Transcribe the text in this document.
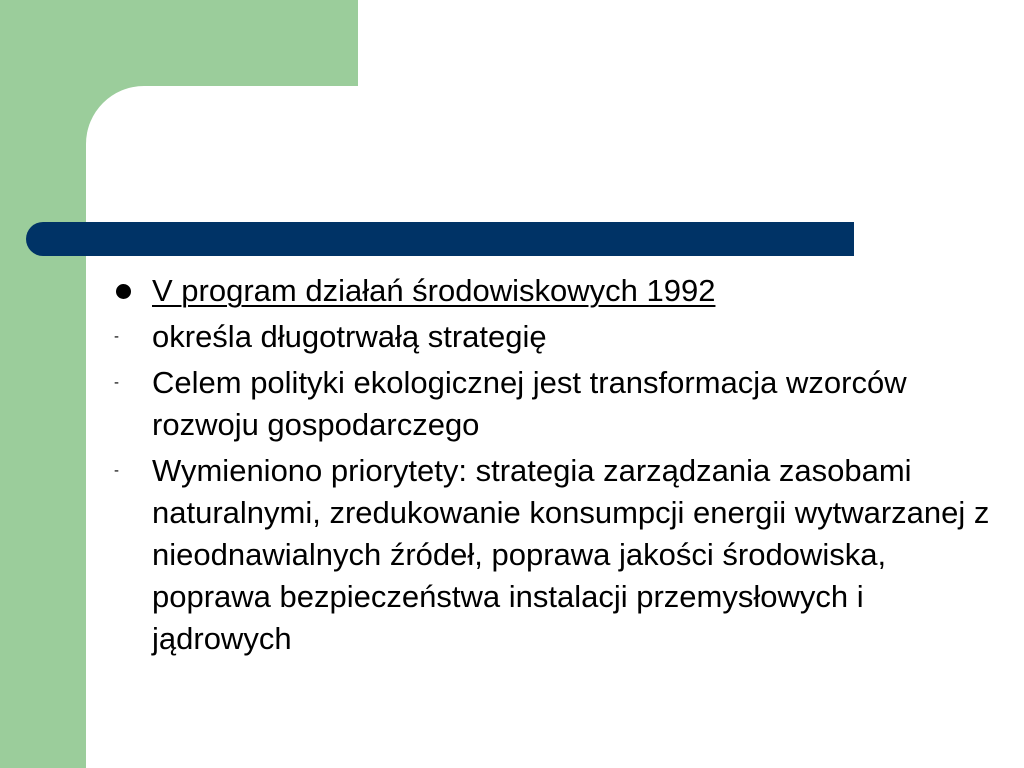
V program działań środowiskowych 1992
- określa długotrwałą strategię
- Celem polityki ekologicznej jest transformacja wzorców rozwoju gospodarczego
- Wymieniono priorytety: strategia zarządzania zasobami naturalnymi, zredukowanie konsumpcji energii wytwarzanej z nieodnawialnych źródeł, poprawa jakości środowiska, poprawa bezpieczeństwa instalacji przemysłowych i jądrowych
